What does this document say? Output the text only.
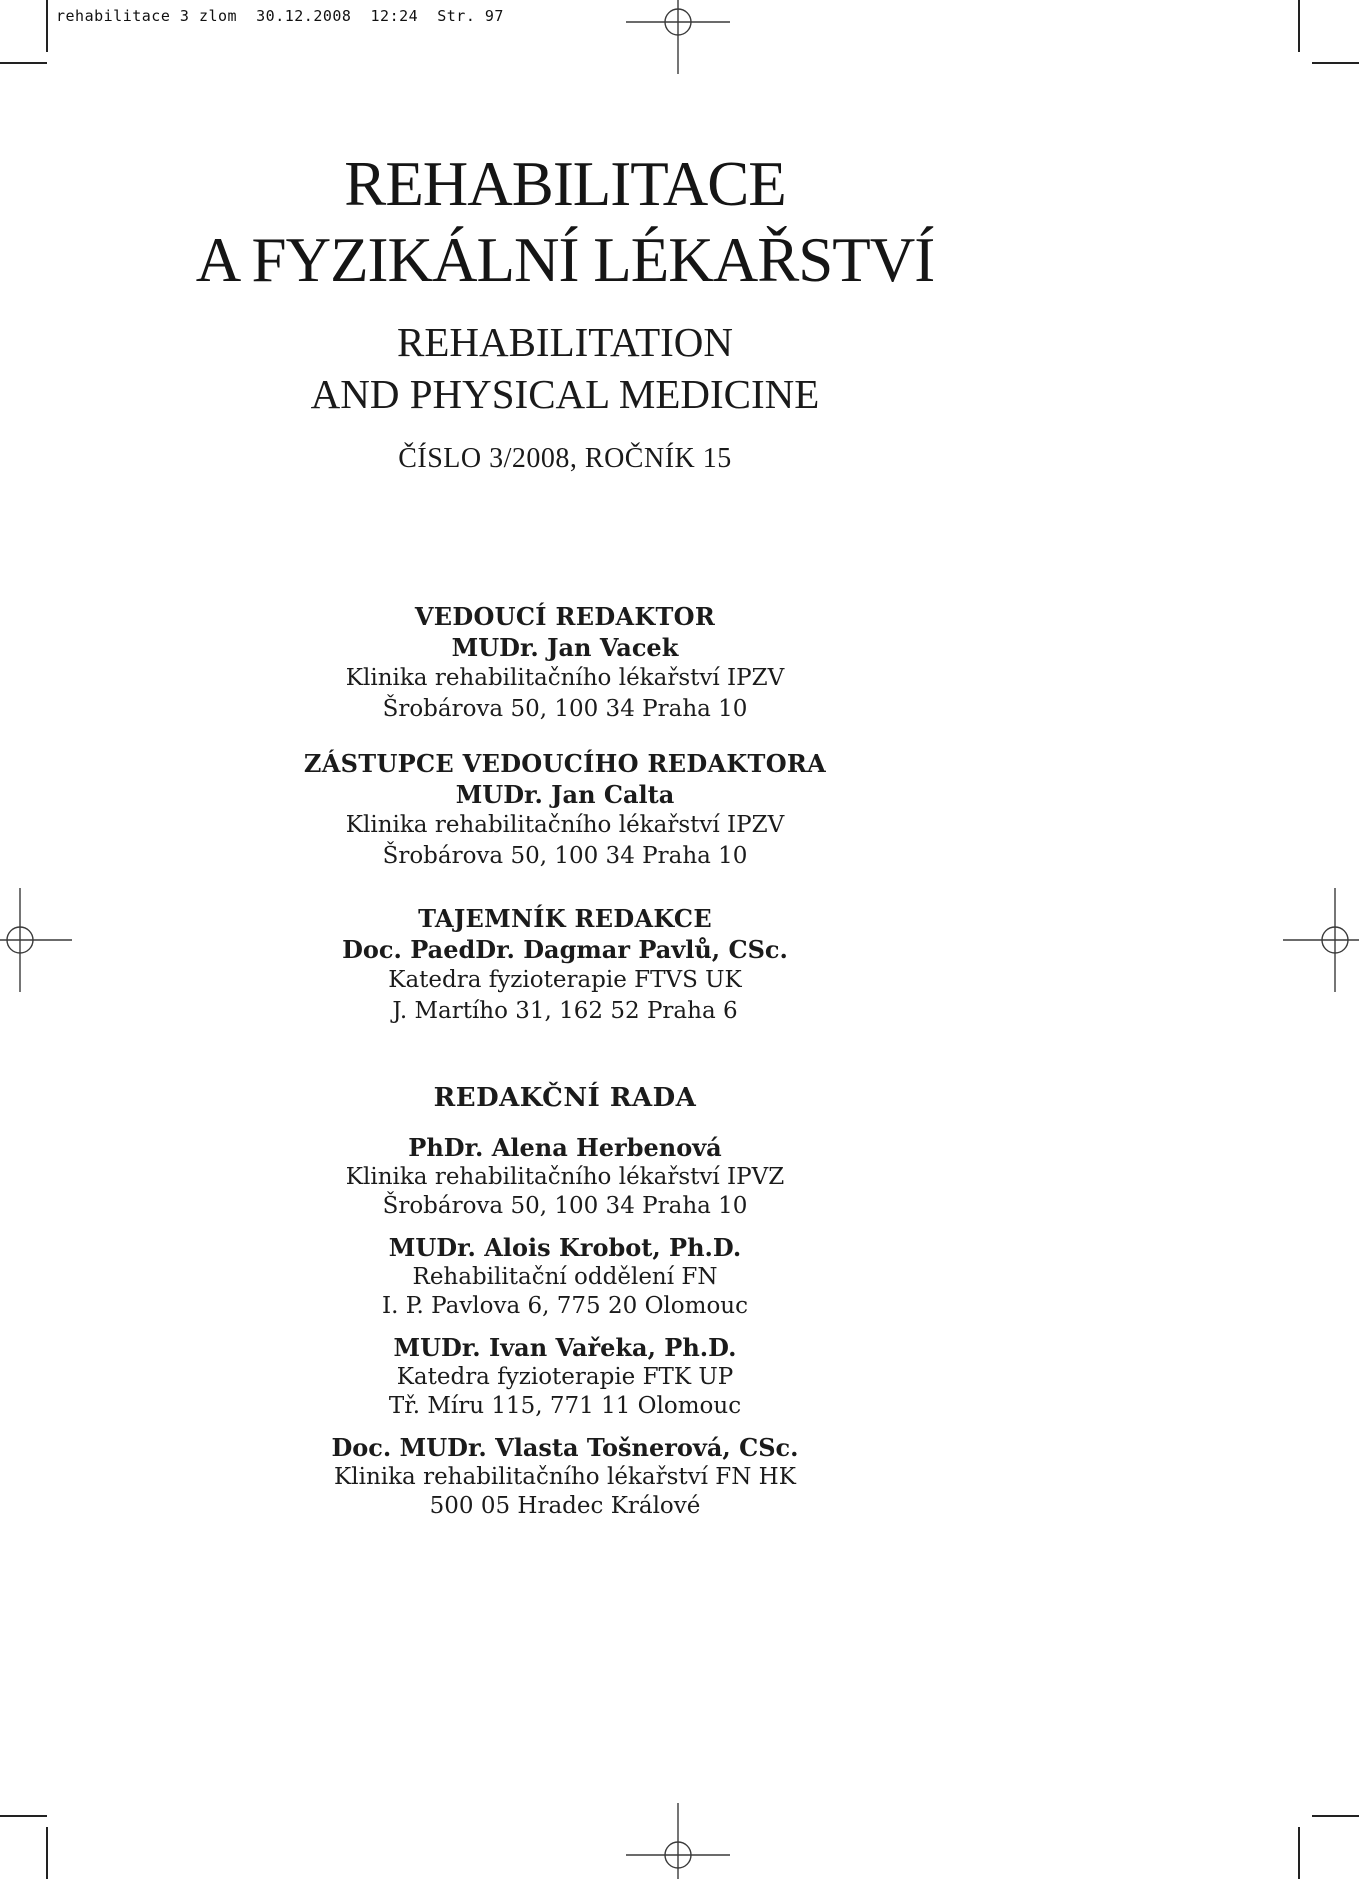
rehabilitace 3 zlom  30.12.2008  12:24  Str. 97
REHABILITACE
A FYZIKÁLNÍ LÉKAŘSTVÍ
REHABILITATION
AND PHYSICAL MEDICINE
ČÍSLO 3/2008, ROČNÍK 15
VEDOUCÍ REDAKTOR
MUDr. Jan Vacek
Klinika rehabilitačního lékařství IPZV
Šrobárova 50, 100 34 Praha 10
ZÁSTUPCE VEDOUCÍHO REDAKTORA
MUDr. Jan Calta
Klinika rehabilitačního lékařství IPZV
Šrobárova 50, 100 34 Praha 10
TAJEMNÍK REDAKCE
Doc. PaedDr. Dagmar Pavlů, CSc.
Katedra fyzioterapie FTVS UK
J. Martího 31, 162 52 Praha 6
REDAKČNÍ RADA
PhDr. Alena Herbenová
Klinika rehabilitačního lékařství IPVZ
Šrobárova 50, 100 34 Praha 10
MUDr. Alois Krobot, Ph.D.
Rehabilitační oddělení FN
I. P. Pavlova 6, 775 20 Olomouc
MUDr. Ivan Vařeka, Ph.D.
Katedra fyzioterapie FTK UP
Tř. Míru 115, 771 11 Olomouc
Doc. MUDr. Vlasta Tošnerová, CSc.
Klinika rehabilitačního lékařství FN HK
500 05 Hradec Králové
